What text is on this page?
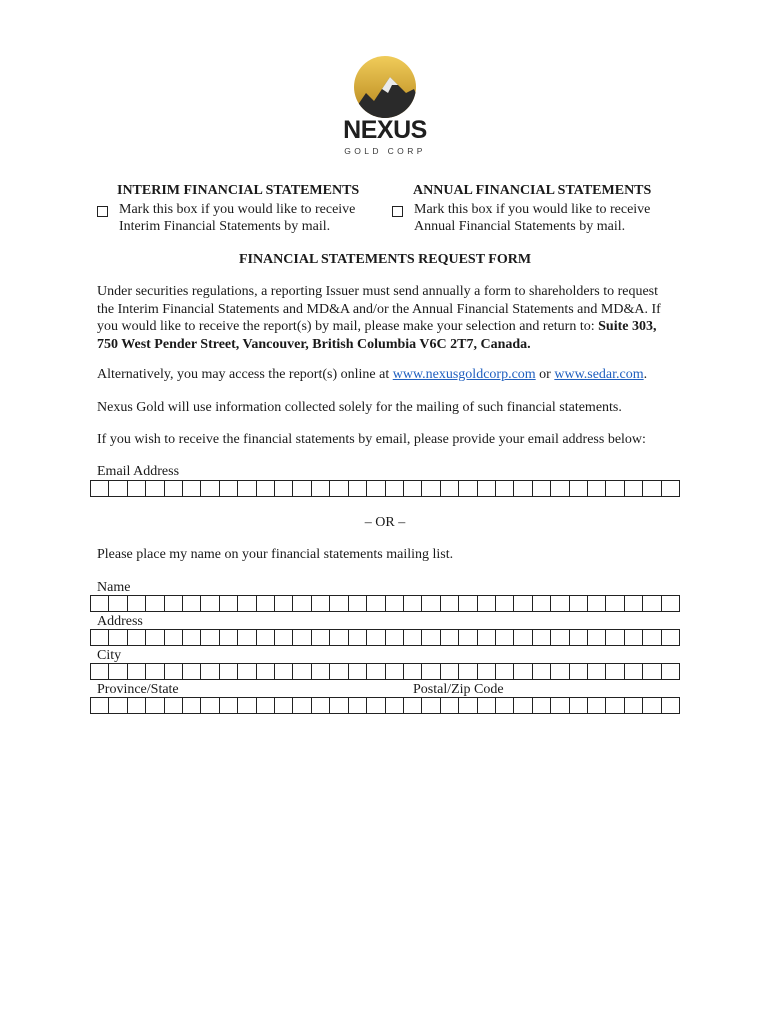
NEXUS
GOLD CORP
INTERIM FINANCIAL STATEMENTS
Mark this box if you would like to receive
Interim Financial Statements by mail.
ANNUAL FINANCIAL STATEMENTS
Mark this box if you would like to receive
Annual Financial Statements by mail.
FINANCIAL STATEMENTS REQUEST FORM
Under securities regulations, a reporting Issuer must send annually a form to shareholders to request the Interim Financial Statements and MD&A and/or the Annual Financial Statements and MD&A. If you would like to receive the report(s) by mail, please make your selection and return to: Suite 303, 750 West Pender Street, Vancouver, British Columbia V6C 2T7, Canada.
Alternatively, you may access the report(s) online at www.nexusgoldcorp.com or www.sedar.com.
Nexus Gold will use information collected solely for the mailing of such financial statements.
If you wish to receive the financial statements by email, please provide your email address below:
Email Address
– OR –
Please place my name on your financial statements mailing list.
Name
Address
City
Province/State	Postal/Zip Code
